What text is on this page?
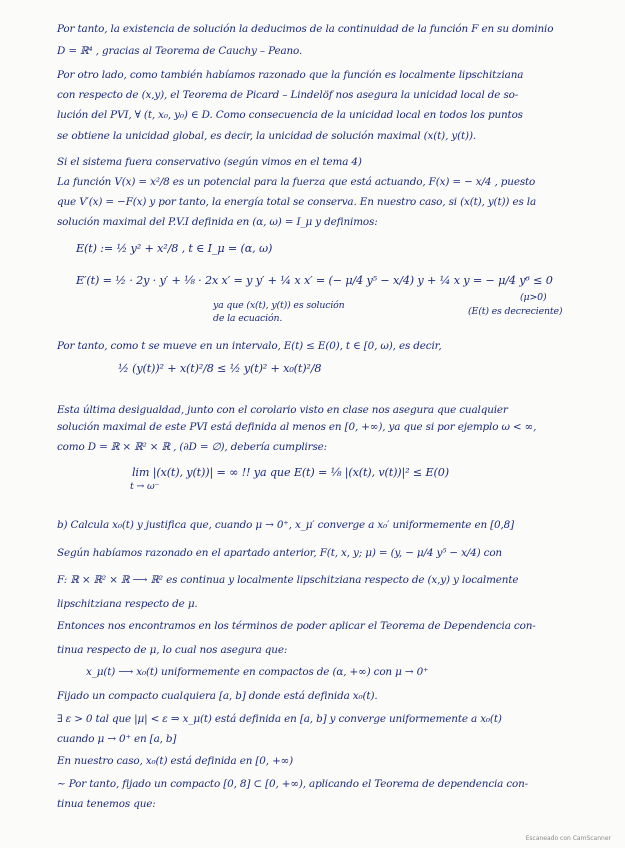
Por tanto, la existencia de solución la deducimos de la continuidad de la función F en su dominio
D = ℝ⁴ , gracias al Teorema de Cauchy – Peano.
Por otro lado, como también habíamos razonado que la función es localmente lipschitziana
con respecto de (x,y), el Teorema de Picard – Lindelöf nos asegura la unicidad local de so-
lución del PVI, ∀ (t, x₀, y₀) ∈ D. Como consecuencia de la unicidad local en todos los puntos
se obtiene la unicidad global, es decir, la unicidad de solución maximal (x(t), y(t)).
Si el sistema fuera conservativo (según vimos en el tema 4)
La función V(x) = x²/8 es un potencial para la fuerza que está actuando, F(x) = − x/4 , puesto
que V′(x) = −F(x) y por tanto, la energía total se conserva. En nuestro caso, si (x(t), y(t)) es la
solución maximal del P.V.I definida en (α, ω) = I_μ y definimos:
E(t) := ½ y² + x²/8 , t ∈ I_μ = (α, ω)
E′(t) = ½ · 2y · y′ + ⅛ · 2x x′ = y y′ + ¼ x x′ = (− μ/4 y⁵ − x/4) y + ¼ x y = − μ/4 y⁶ ≤ 0
(μ>0)
ya que (x(t), y(t)) es solución
de la ecuación.
(E(t) es decreciente)
Por tanto, como t se mueve en un intervalo, E(t) ≤ E(0), t ∈ [0, ω), es decir,
½ (y(t))² + x(t)²/8 ≤ ½ y(t)² + x₀(t)²/8
Esta última desigualdad, junto con el corolario visto en clase nos asegura que cualquier
solución maximal de este PVI está definida al menos en [0, +∞), ya que si por ejemplo ω < ∞,
como D = ℝ × ℝ² × ℝ , (∂D = ∅), debería cumplirse:
lim |(x(t), y(t))| = ∞ !! ya que E(t) = ⅛ |(x(t), v(t))|² ≤ E(0)
t → ω⁻
b) Calcula x₀(t) y justifica que, cuando μ → 0⁺, x_μ′ converge a x₀′ uniformemente en [0,8]
Según habíamos razonado en el apartado anterior, F(t, x, y; μ) = (y, − μ/4 y⁵ − x/4) con
F: ℝ × ℝ² × ℝ ⟶ ℝ² es continua y localmente lipschitziana respecto de (x,y) y localmente
lipschitziana respecto de μ.
Entonces nos encontramos en los términos de poder aplicar el Teorema de Dependencia con-
tinua respecto de μ, lo cual nos asegura que:
x_μ(t) ⟶ x₀(t) uniformemente en compactos de (α, +∞) con μ → 0⁺
Fijado un compacto cualquiera [a, b] donde está definida x₀(t).
∃ ε > 0 tal que |μ| < ε ⇒ x_μ(t) está definida en [a, b] y converge uniformemente a x₀(t)
cuando μ → 0⁺ en [a, b]
En nuestro caso, x₀(t) está definida en [0, +∞)
∼ Por tanto, fijado un compacto [0, 8] ⊂ [0, +∞), aplicando el Teorema de dependencia con-
tinua tenemos que:
Escaneado con CamScanner
